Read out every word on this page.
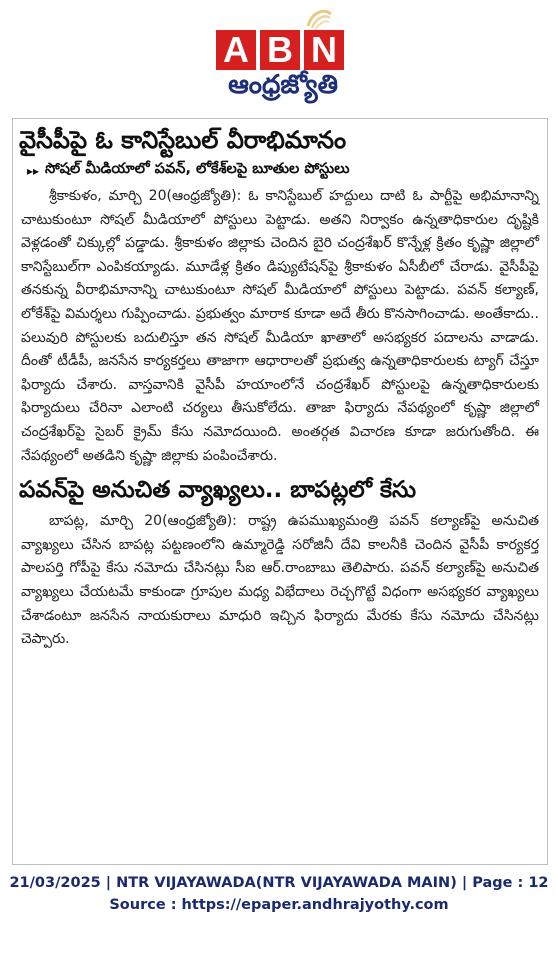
A B N
ఆంధ్రజ్యోతి
వైసీపీపై ఓ కానిస్టేబుల్‌ వీరాభిమానం
▸▸ సోషల్‌ మీడియాలో పవన్‌, లోకేశ్‌లపై బూతుల పోస్టులు

శ్రీకాకుళం, మార్చి 20(ఆంధ్రజ్యోతి): ఓ కానిస్టేబుల్‌ హద్దులు దాటి ఓ పార్టీపై అభిమానాన్ని చాటుకుంటూ సోషల్‌ మీడియాలో పోస్టులు పెట్టాడు. అతని నిర్వాకం ఉన్నతాధికారుల దృష్టికి వెళ్లడంతో చిక్కుల్లో పడ్డాడు. శ్రీకాకుళం జిల్లాకు చెందిన బైరి చంద్రశేఖర్‌ కొన్నేళ్ల క్రితం కృష్ణా జిల్లాలో కానిస్టేబుల్‌గా ఎంపికయ్యాడు. మూడేళ్ల క్రితం డిప్యుటేషన్‌పై శ్రీకాకుళం ఏసీబీలో చేరాడు. వైసీపీపై తనకున్న వీరాభిమానాన్ని చాటుకుంటూ సోషల్‌ మీడియాలో పోస్టులు పెట్టాడు. పవన్‌ కల్యాణ్‌, లోకేశ్‌పై విమర్శలు గుప్పించాడు. ప్రభుత్వం మారాక కూడా అదే తీరు కొనసాగించాడు. అంతేకాదు.. పలువురి పోస్టులకు బదులిస్తూ తన సోషల్‌ మీడియా ఖాతాలో అసభ్యకర పదాలను వాడాడు. దీంతో టీడీపీ, జనసేన కార్యకర్తలు తాజాగా ఆధారాలతో ప్రభుత్వ ఉన్నతాధికారులకు ట్యాగ్‌ చేస్తూ ఫిర్యాదు చేశారు. వాస్తవానికి వైసీపీ హయాంలోనే చంద్రశేఖర్‌ పోస్టులపై ఉన్నతాధికారులకు ఫిర్యాదులు చేరినా ఎలాంటి చర్యలు తీసుకోలేదు. తాజా ఫిర్యాదు నేపథ్యంలో కృష్ణా జిల్లాలో చంద్రశేఖర్‌పై సైబర్‌ క్రైమ్‌ కేసు నమోదయింది. అంతర్గత విచారణ కూడా జరుగుతోంది. ఈ నేపథ్యంలో అతడిని కృష్ణా జిల్లాకు పంపించేశారు.

పవన్‌పై అనుచిత వ్యాఖ్యలు.. బాపట్లలో కేసు

బాపట్ల, మార్చి 20(ఆంధ్రజ్యోతి): రాష్ట్ర ఉపముఖ్యమంత్రి పవన్‌ కల్యాణ్‌పై అనుచిత వ్యాఖ్యలు చేసిన బాపట్ల పట్టణంలోని ఉమ్మారెడ్డి సరోజినీ దేవి కాలనీకి చెందిన వైసీపీ కార్యకర్త పాలపర్తి గోపీపై కేసు నమోదు చేసినట్లు సీఐ ఆర్‌.రాంబాబు తెలిపారు. పవన్‌ కల్యాణ్‌పై అనుచిత వ్యాఖ్యలు చేయటమే కాకుండా గ్రూపుల మధ్య విభేదాలు రెచ్చగొట్టే విధంగా అసభ్యకర వ్యాఖ్యలు చేశాడంటూ జనసేన నాయకురాలు మాధురి ఇచ్చిన ఫిర్యాదు మేరకు కేసు నమోదు చేసినట్లు చెప్పారు.

21/03/2025 | NTR VIJAYAWADA(NTR VIJAYAWADA MAIN) | Page : 12
Source : https://epaper.andhrajyothy.com
